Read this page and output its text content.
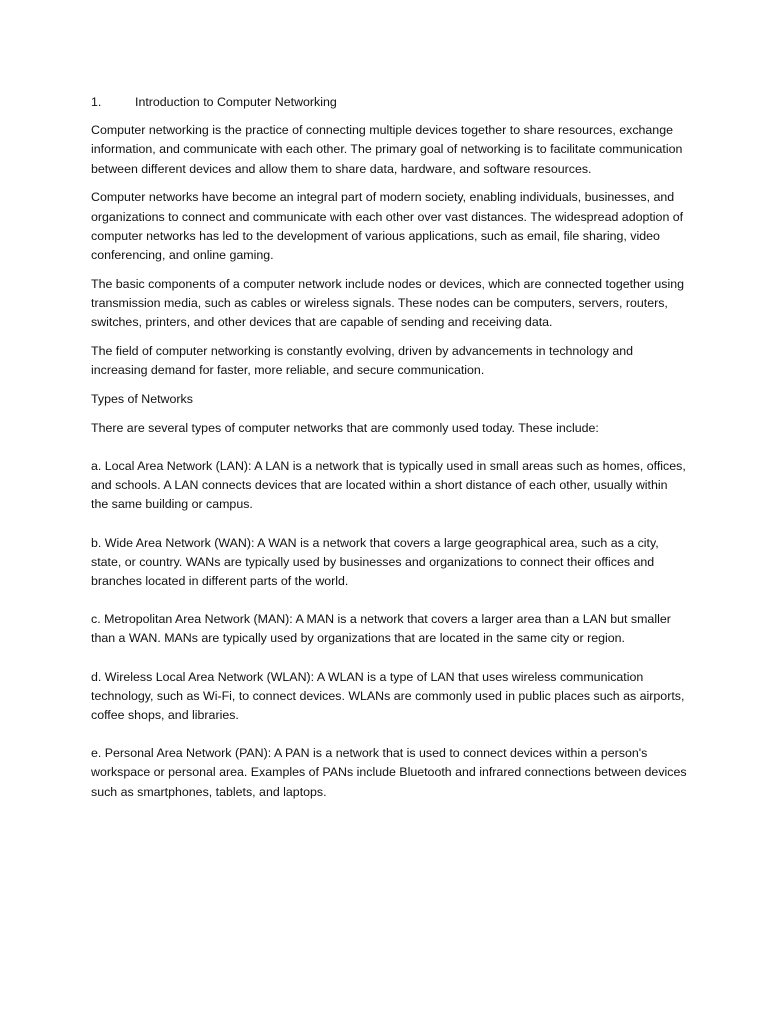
1.	Introduction to Computer Networking

Computer networking is the practice of connecting multiple devices together to share resources, exchange information, and communicate with each other. The primary goal of networking is to facilitate communication between different devices and allow them to share data, hardware, and software resources.

Computer networks have become an integral part of modern society, enabling individuals, businesses, and organizations to connect and communicate with each other over vast distances. The widespread adoption of computer networks has led to the development of various applications, such as email, file sharing, video conferencing, and online gaming.

The basic components of a computer network include nodes or devices, which are connected together using transmission media, such as cables or wireless signals. These nodes can be computers, servers, routers, switches, printers, and other devices that are capable of sending and receiving data.

The field of computer networking is constantly evolving, driven by advancements in technology and increasing demand for faster, more reliable, and secure communication.

Types of Networks

There are several types of computer networks that are commonly used today. These include:

a. Local Area Network (LAN): A LAN is a network that is typically used in small areas such as homes, offices, and schools. A LAN connects devices that are located within a short distance of each other, usually within the same building or campus.

b. Wide Area Network (WAN): A WAN is a network that covers a large geographical area, such as a city, state, or country. WANs are typically used by businesses and organizations to connect their offices and branches located in different parts of the world.

c. Metropolitan Area Network (MAN): A MAN is a network that covers a larger area than a LAN but smaller than a WAN. MANs are typically used by organizations that are located in the same city or region.

d. Wireless Local Area Network (WLAN): A WLAN is a type of LAN that uses wireless communication technology, such as Wi-Fi, to connect devices. WLANs are commonly used in public places such as airports, coffee shops, and libraries.

e. Personal Area Network (PAN): A PAN is a network that is used to connect devices within a person's workspace or personal area. Examples of PANs include Bluetooth and infrared connections between devices such as smartphones, tablets, and laptops.
